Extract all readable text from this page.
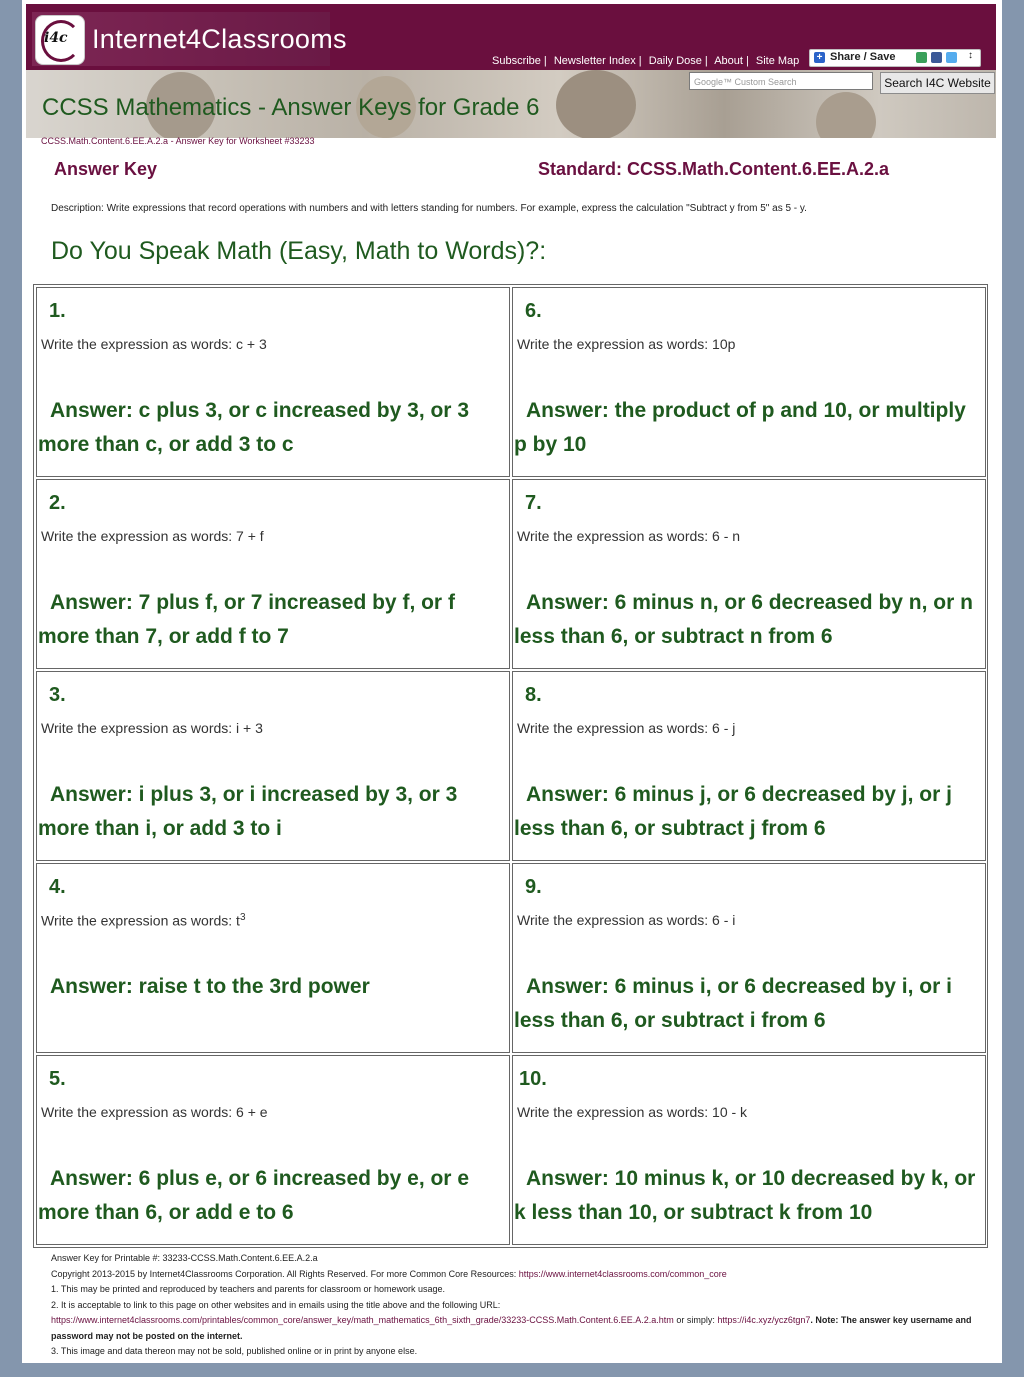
i4c Internet4Classrooms
Subscribe | Newsletter Index | Daily Dose | About | Site Map + Share / Save	↕
Google™ Custom Search	Search I4C Website
CCSS Mathematics - Answer Keys for Grade 6
CCSS.Math.Content.6.EE.A.2.a - Answer Key for Worksheet #33233
Answer Key	Standard: CCSS.Math.Content.6.EE.A.2.a
Description: Write expressions that record operations with numbers and with letters standing for numbers. For example, express the calculation "Subtract y from 5" as 5 - y.
Do You Speak Math (Easy, Math to Words)?:
1.
Write the expression as words: c + 3
Answer: c plus 3, or c increased by 3, or 3 more than c, or add 3 to c
2.
Write the expression as words: 7 + f
Answer: 7 plus f, or 7 increased by f, or f more than 7, or add f to 7
3.
Write the expression as words: i + 3
Answer: i plus 3, or i increased by 3, or 3 more than i, or add 3 to i
4.
Write the expression as words: $t^3$
Answer: raise t to the 3rd power
5.
Write the expression as words: 6 + e
Answer: 6 plus e, or 6 increased by e, or e more than 6, or add e to 6
6.
Write the expression as words: 10p
Answer: the product of p and 10, or multiply p by 10
7.
Write the expression as words: 6 - n
Answer: 6 minus n, or 6 decreased by n, or n less than 6, or subtract n from 6
8.
Write the expression as words: 6 - j
Answer: 6 minus j, or 6 decreased by j, or j less than 6, or subtract j from 6
9.
Write the expression as words: 6 - i
Answer: 6 minus i, or 6 decreased by i, or i less than 6, or subtract i from 6
10.
Write the expression as words: 10 - k
Answer: 10 minus k, or 10 decreased by k, or k less than 10, or subtract k from 10
Answer Key for Printable #: 33233-CCSS.Math.Content.6.EE.A.2.a
Copyright 2013-2015 by Internet4Classrooms Corporation. All Rights Reserved. For more Common Core Resources: https://www.internet4classrooms.com/common_core
1. This may be printed and reproduced by teachers and parents for classroom or homework usage.
2. It is acceptable to link to this page on other websites and in emails using the title above and the following URL:
https://www.internet4classrooms.com/printables/common_core/answer_key/math_mathematics_6th_sixth_grade/33233-CCSS.Math.Content.6.EE.A.2.a.htm or simply: https://i4c.xyz/ycz6tgn7. Note: The answer key username and password may not be posted on the internet.
3. This image and data thereon may not be sold, published online or in print by anyone else.
